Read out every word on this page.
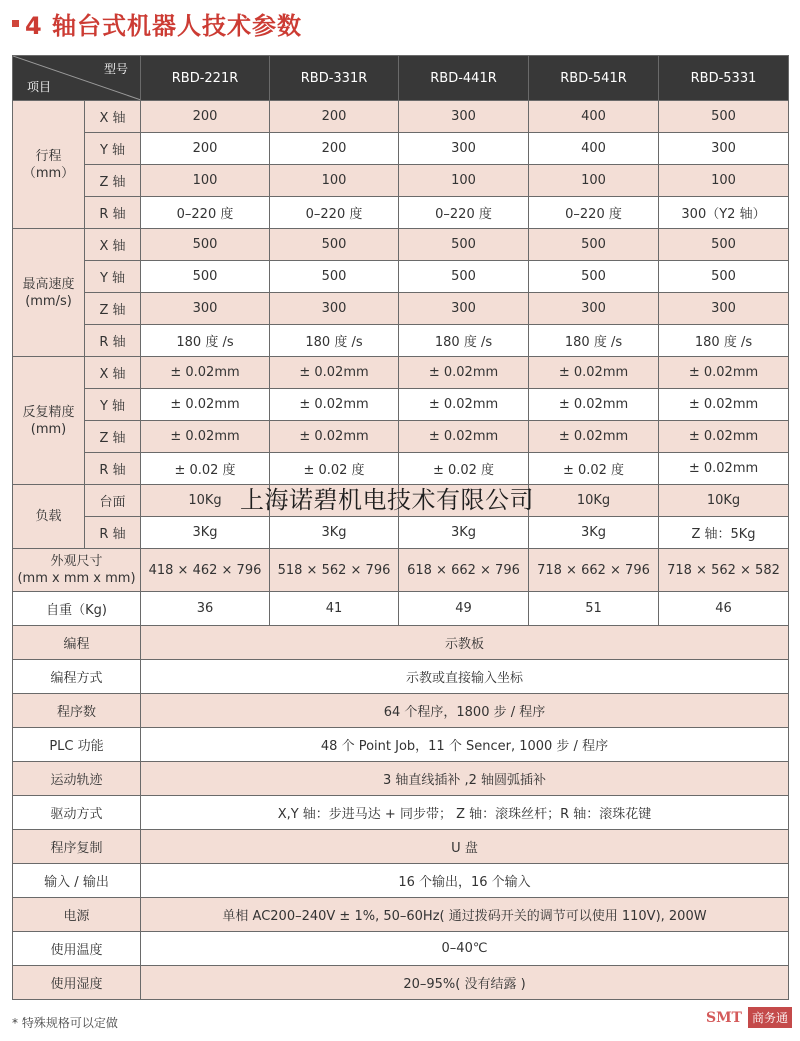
4 轴台式机器人技术参数
型号
项目		RBD-221R	RBD-331R	RBD-441R	RBD-541R	RBD-5331
行程
（mm）	X 轴	200	200	300	400	500
	Y 轴	200	200	300	400	300
	Z 轴	100	100	100	100	100
	R 轴	0–220 度	0–220 度	0–220 度	0–220 度	300（Y2 轴）
最高速度
(mm/s)	X 轴	500	500	500	500	500
	Y 轴	500	500	500	500	500
	Z 轴	300	300	300	300	300
	R 轴	180 度 /s	180 度 /s	180 度 /s	180 度 /s	180 度 /s
反复精度
(mm)	X 轴	± 0.02mm	± 0.02mm	± 0.02mm	± 0.02mm	± 0.02mm
	Y 轴	± 0.02mm	± 0.02mm	± 0.02mm	± 0.02mm	± 0.02mm
	Z 轴	± 0.02mm	± 0.02mm	± 0.02mm	± 0.02mm	± 0.02mm
	R 轴	± 0.02 度	± 0.02 度	± 0.02 度	± 0.02 度	± 0.02mm
负载	台面	10Kg			10Kg	10Kg
	R 轴	3Kg	3Kg	3Kg	3Kg	Z 轴：5Kg
外观尺寸
(mm x mm x mm)		418 × 462 × 796	518 × 562 × 796	618 × 662 × 796	718 × 662 × 796	718 × 562 × 582
自重（Kg)		36	41	49	51	46
编程		示教板				
编程方式		示教或直接输入坐标				
程序数		64 个程序，1800 步 / 程序				
PLC 功能		48 个 Point Job，11 个 Sencer, 1000 步 / 程序				
运动轨迹		3 轴直线插补 ,2 轴圆弧插补				
驱动方式		X,Y 轴：步进马达 + 同步带； Z 轴：滚珠丝杆；R 轴：滚珠花键				
程序复制		U 盘				
输入 / 输出		16 个输出，16 个输入				
电源		单相 AC200–240V ± 1%, 50–60Hz( 通过拨码开关的调节可以使用 110V), 200W				
使用温度		0–40℃				
使用湿度		20–95%( 没有结露 )				
上海诺碧机电技术有限公司
* 特殊规格可以定做	SMT 商务通
